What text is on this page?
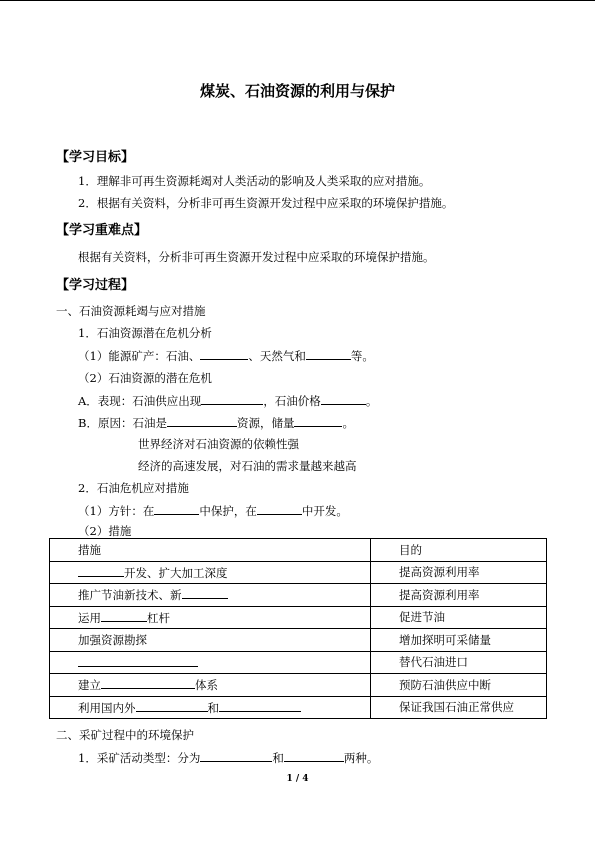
煤炭、石油资源的利用与保护
【学习目标】
1．理解非可再生资源耗竭对人类活动的影响及人类采取的应对措施。
2．根据有关资料，分析非可再生资源开发过程中应采取的环境保护措施。
【学习重难点】
根据有关资料，分析非可再生资源开发过程中应采取的环境保护措施。
【学习过程】
一、石油资源耗竭与应对措施
1．石油资源潜在危机分析
（1）能源矿产：石油、	、天然气和	等。
（2）石油资源的潜在危机
A．表现：石油供应出现	，石油价格	。
B．原因：石油是	资源，储量	。
世界经济对石油资源的依赖性强
经济的高速发展，对石油的需求量越来越高
2．石油危机应对措施
（1）方针：在	中保护，在	中开发。
（2）措施
措施	目的
开发、扩大加工深度	提高资源利用率
推广节油新技术、新	提高资源利用率
运用 杠杆	促进节油
加强资源勘探	增加探明可采储量
	替代石油进口
建立 体系	预防石油供应中断
利用国内外 和	保证我国石油正常供应
二、采矿过程中的环境保护
1．采矿活动类型：分为	和	两种。
1 / 4
